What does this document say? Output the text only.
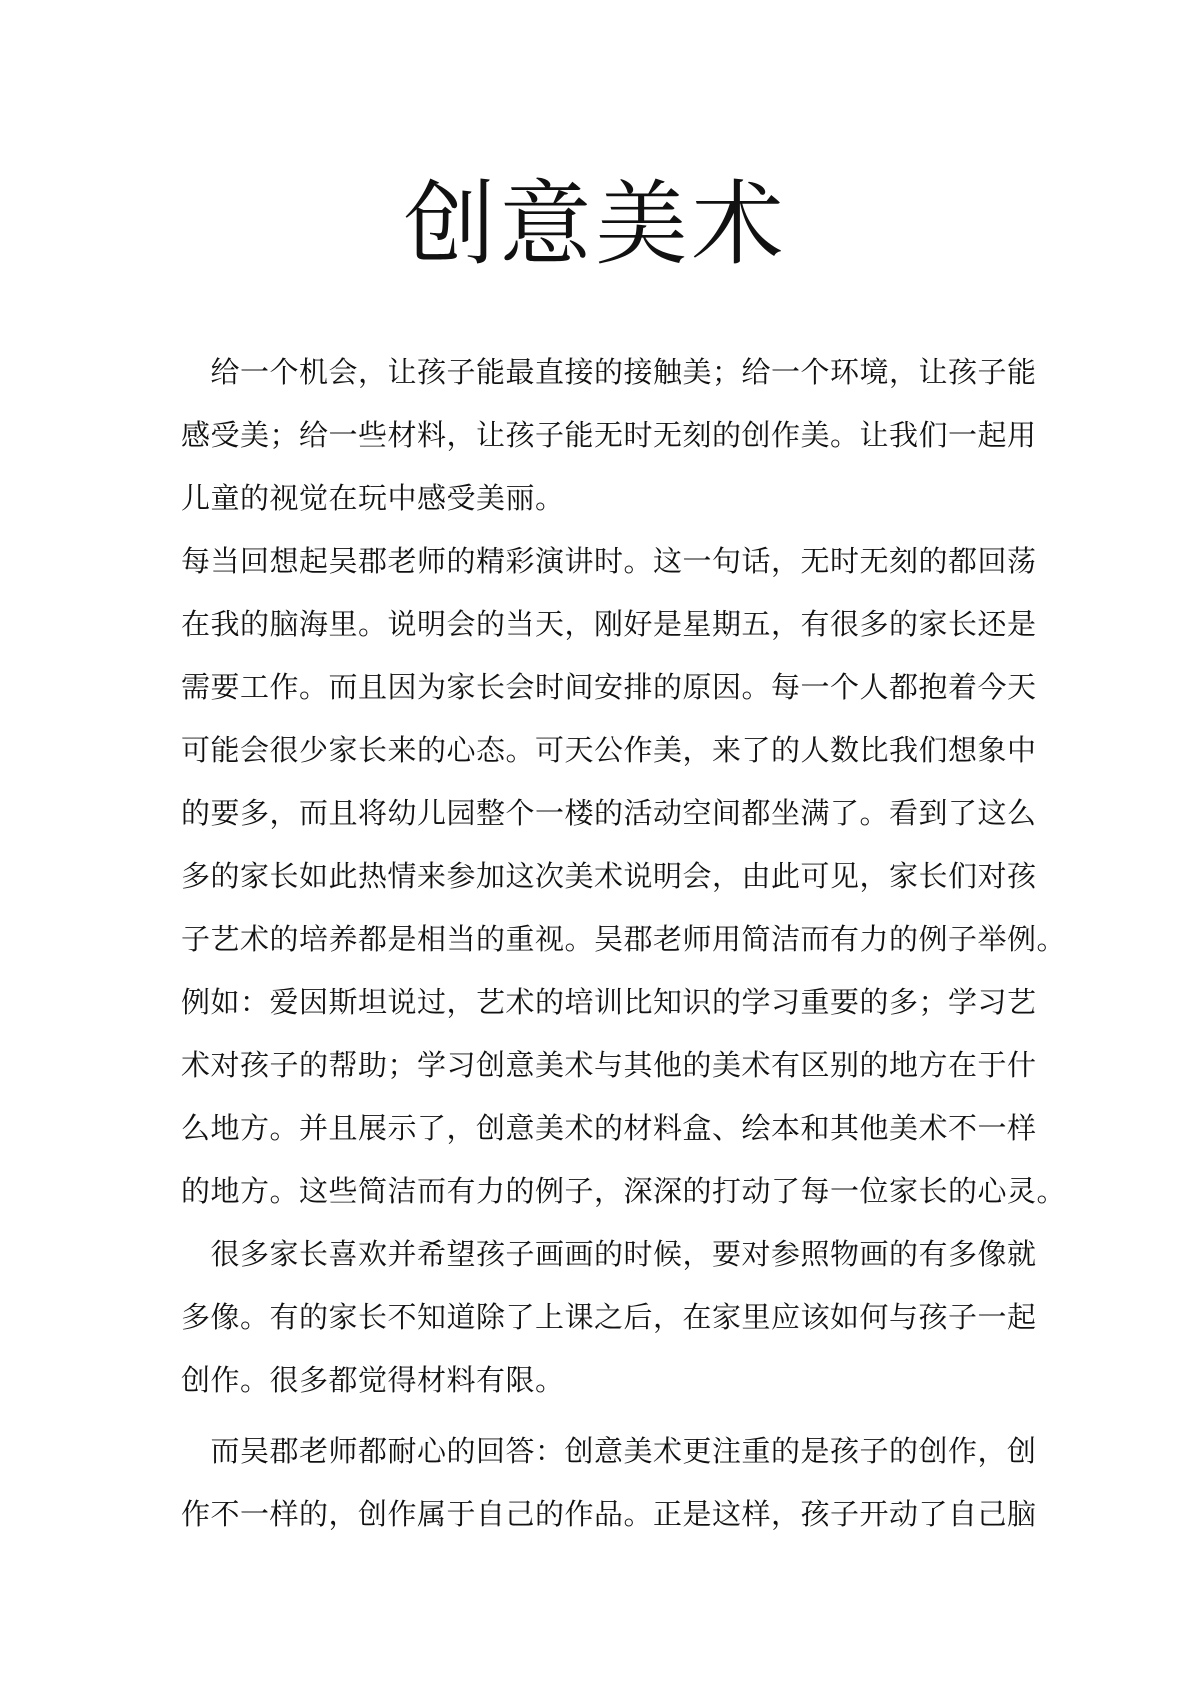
创意美术
　给一个机会，让孩子能最直接的接触美；给一个环境，让孩子能
感受美；给一些材料，让孩子能无时无刻的创作美。让我们一起用
儿童的视觉在玩中感受美丽。
每当回想起吴郡老师的精彩演讲时。这一句话，无时无刻的都回荡
在我的脑海里。说明会的当天，刚好是星期五，有很多的家长还是
需要工作。而且因为家长会时间安排的原因。每一个人都抱着今天
可能会很少家长来的心态。可天公作美，来了的人数比我们想象中
的要多，而且将幼儿园整个一楼的活动空间都坐满了。看到了这么
多的家长如此热情来参加这次美术说明会，由此可见，家长们对孩
子艺术的培养都是相当的重视。吴郡老师用简洁而有力的例子举例。
例如：爱因斯坦说过，艺术的培训比知识的学习重要的多；学习艺
术对孩子的帮助；学习创意美术与其他的美术有区别的地方在于什
么地方。并且展示了，创意美术的材料盒、绘本和其他美术不一样
的地方。这些简洁而有力的例子，深深的打动了每一位家长的心灵。
　很多家长喜欢并希望孩子画画的时候，要对参照物画的有多像就
多像。有的家长不知道除了上课之后，在家里应该如何与孩子一起
创作。很多都觉得材料有限。
　而吴郡老师都耐心的回答：创意美术更注重的是孩子的创作，创
作不一样的，创作属于自己的作品。正是这样，孩子开动了自己脑
